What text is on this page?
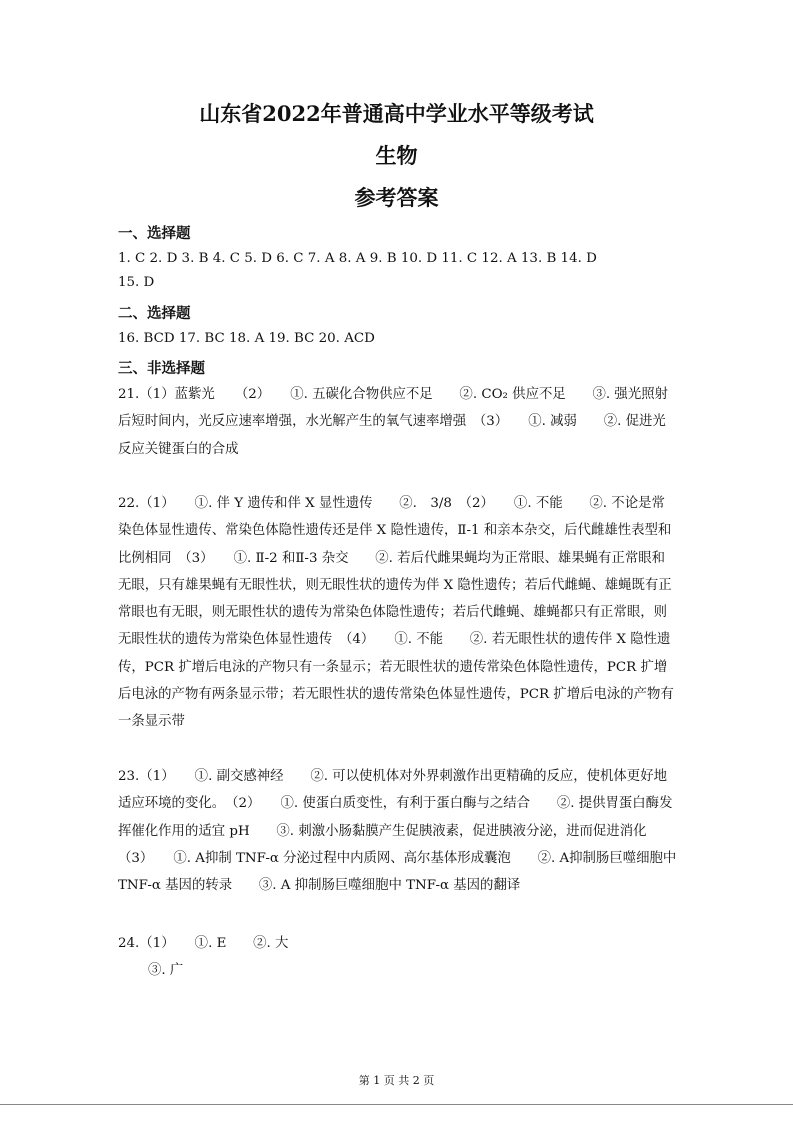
山东省2022年普通高中学业水平等级考试
生物
参考答案
一、选择题
1. C 2. D 3. B 4. C 5. D 6. C 7. A 8. A 9. B 10. D 11. C 12. A 13. B 14. D
15. D
二、选择题
16. BCD 17. BC 18. A 19. BC 20. ACD
三、非选择题
21.（1）蓝紫光　　（2）　　①. 五碳化合物供应不足　　②. CO₂ 供应不足　　③. 强光照射后短时间内，光反应速率增强，水光解产生的氧气速率增强　（3）　　①. 减弱　　②. 促进光反应关键蛋白的合成
22.（1）　　①. 伴 Y 遗传和伴 X 显性遗传　　②.　3/8　（2）　　①. 不能　　②. 不论是常染色体显性遗传、常染色体隐性遗传还是伴 X 隐性遗传，Ⅱ-1 和亲本杂交，后代雌雄性表型和比例相同　（3）　　①. Ⅱ-2 和Ⅱ-3 杂交　　②. 若后代雌果蝇均为正常眼、雄果蝇有正常眼和无眼，只有雄果蝇有无眼性状，则无眼性状的遗传为伴 X 隐性遗传；若后代雌蝇、雄蝇既有正常眼也有无眼，则无眼性状的遗传为常染色体隐性遗传；若后代雌蝇、雄蝇都只有正常眼，则无眼性状的遗传为常染色体显性遗传　（4）　　①. 不能　　②. 若无眼性状的遗传伴 X 隐性遗传，PCR 扩增后电泳的产物只有一条显示；若无眼性状的遗传常染色体隐性遗传，PCR 扩增后电泳的产物有两条显示带；若无眼性状的遗传常染色体显性遗传，PCR 扩增后电泳的产物有一条显示带
23.（1）　　①. 副交感神经　　②. 可以使机体对外界刺激作出更精确的反应，使机体更好地适应环境的变化。　（2）　　①. 使蛋白质变性，有利于蛋白酶与之结合　　②. 提供胃蛋白酶发挥催化作用的适宜 pH　　③. 刺激小肠黏膜产生促胰液素，促进胰液分泌，进而促进消化　（3）　　①. A抑制 TNF-α 分泌过程中内质网、高尔基体形成囊泡　　②. A抑制肠巨噬细胞中 TNF-α 基因的转录　　③. A 抑制肠巨噬细胞中 TNF-α 基因的翻译
24.（1）　　①. E　　②. 大
③. 广
第 1 页 共 2 页
